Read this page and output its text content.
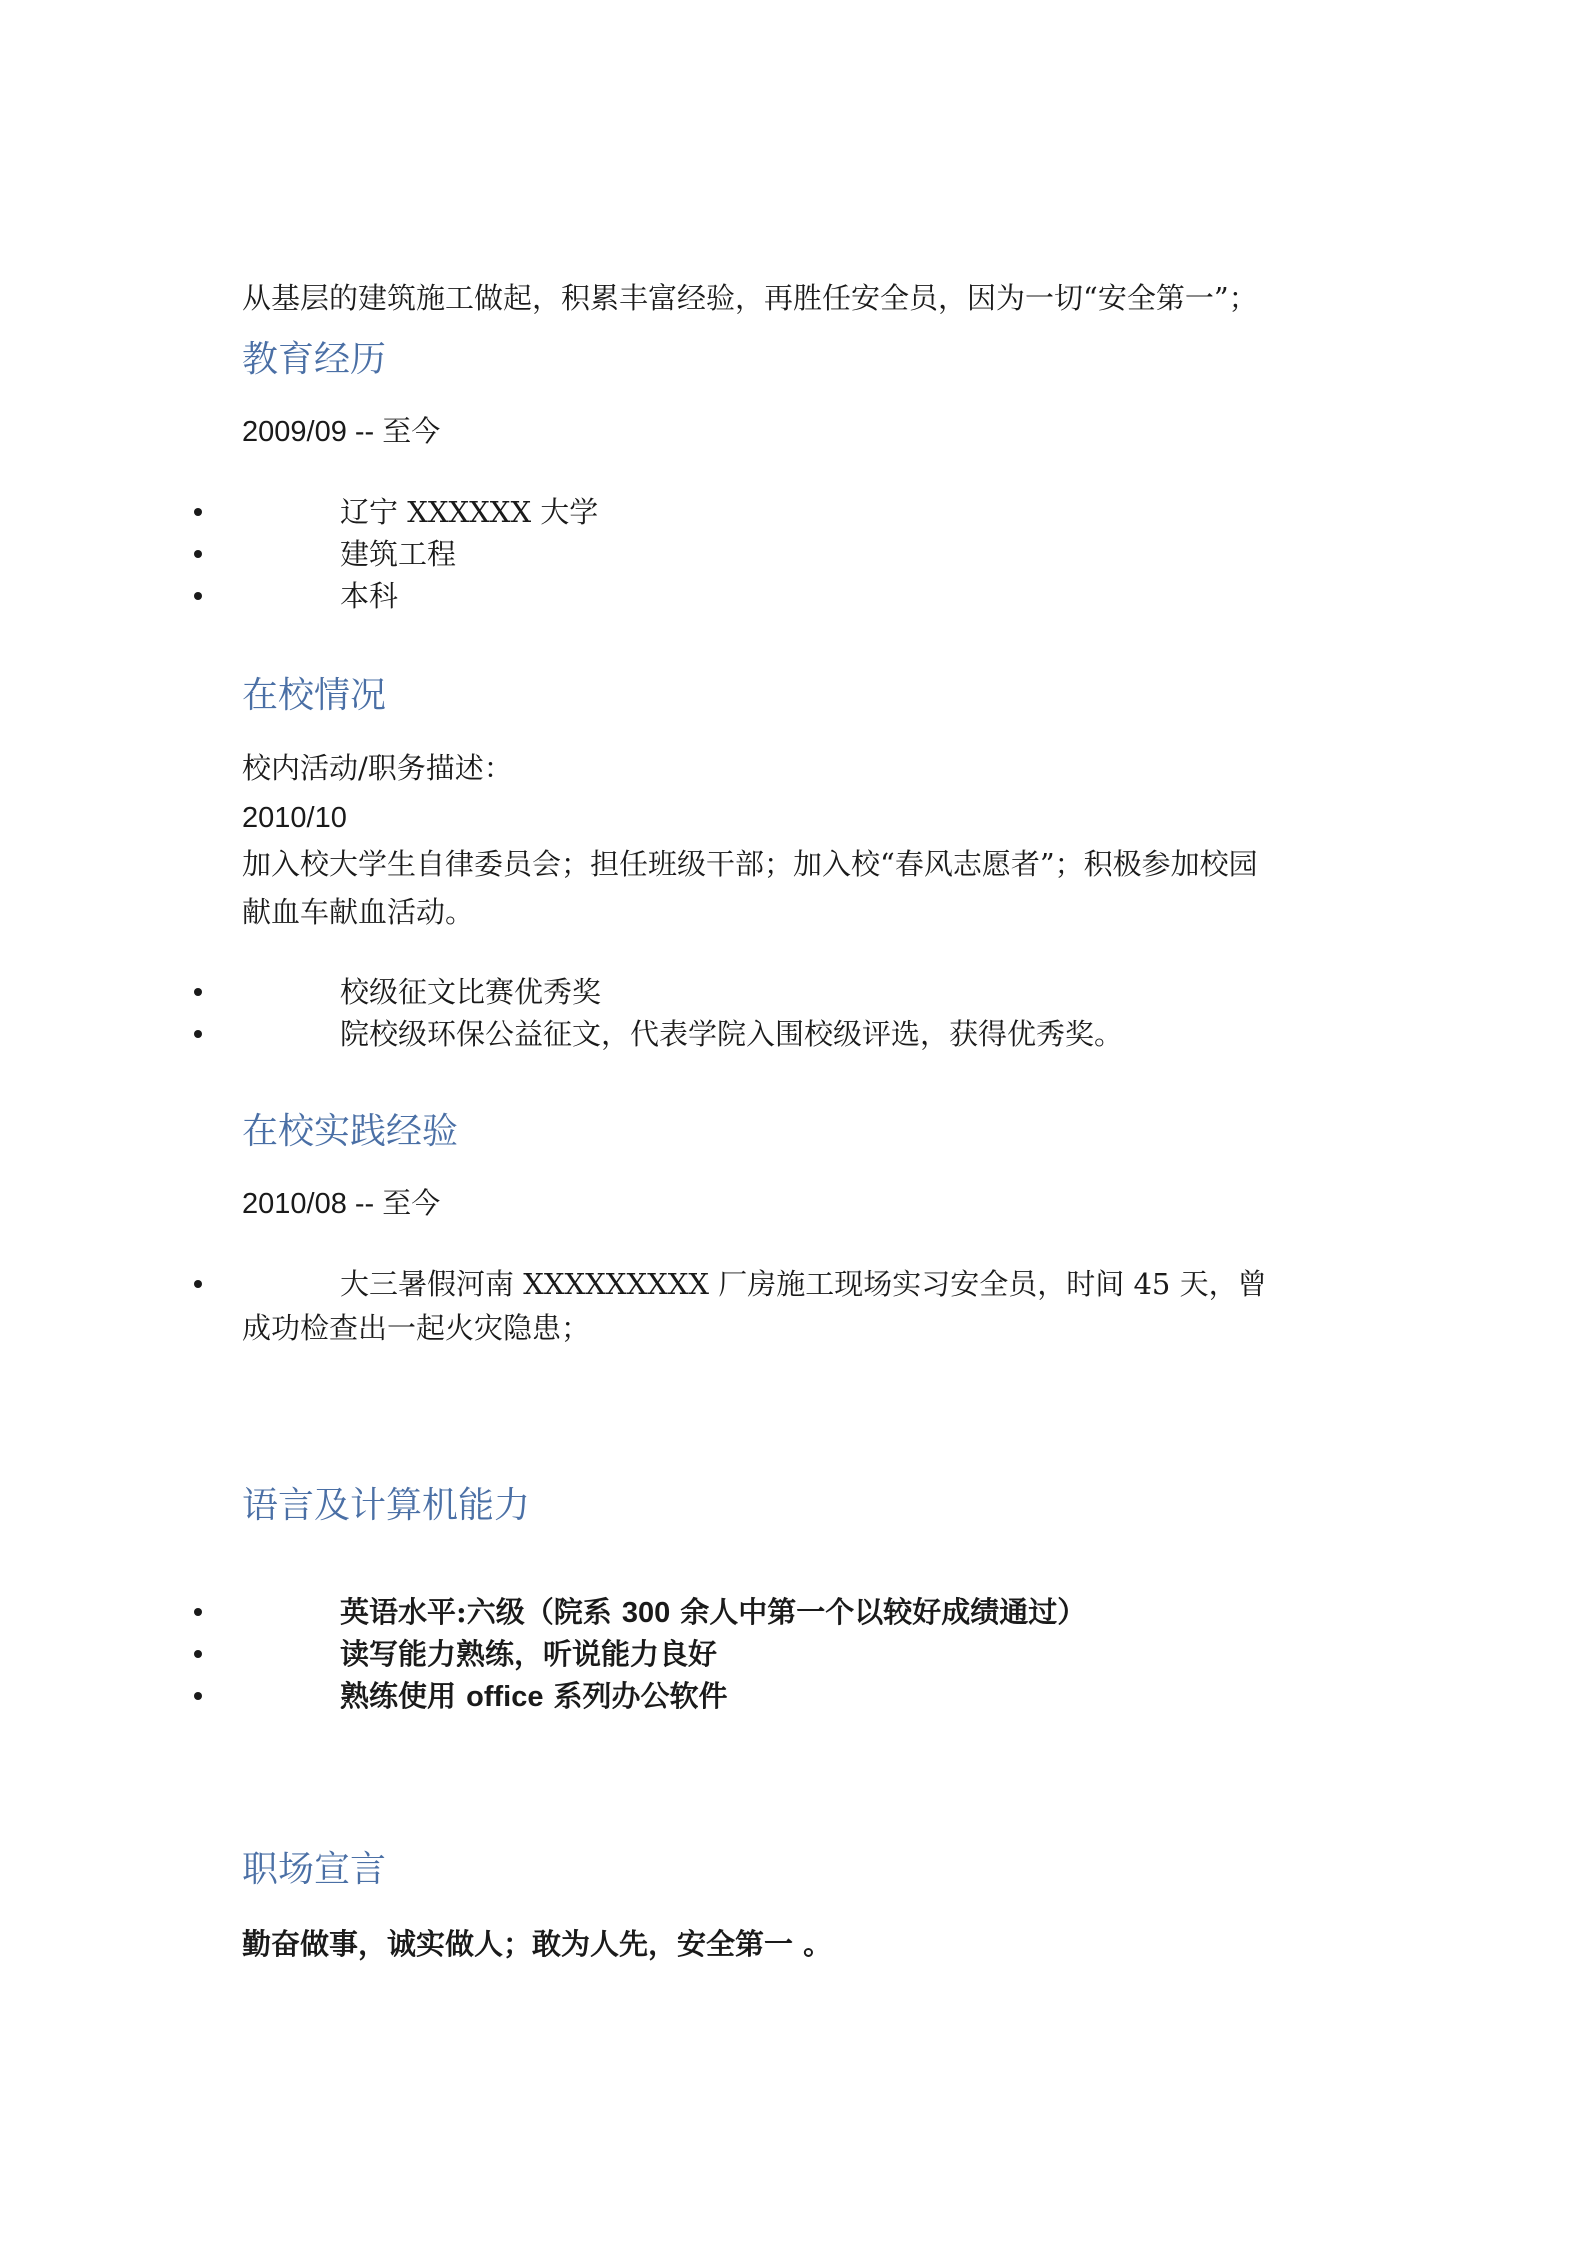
从基层的建筑施工做起，积累丰富经验，再胜任安全员，因为一切“安全第一”；
教育经历
2009/09 -- 至今
辽宁 XXXXXX 大学
建筑工程
本科
在校情况
校内活动/职务描述：
2010/10
加入校大学生自律委员会；担任班级干部；加入校“春风志愿者”；积极参加校园
献血车献血活动。
校级征文比赛优秀奖
院校级环保公益征文，代表学院入围校级评选，获得优秀奖。
在校实践经验
2010/08 -- 至今
大三暑假河南 XXXXXXXXX 厂房施工现场实习安全员，时间 45 天，曾
成功检查出一起火灾隐患；
语言及计算机能力
英语水平:六级（院系 300 余人中第一个以较好成绩通过）
读写能力熟练，听说能力良好
熟练使用 office 系列办公软件
职场宣言
勤奋做事，诚实做人；敢为人先，安全第一 。
